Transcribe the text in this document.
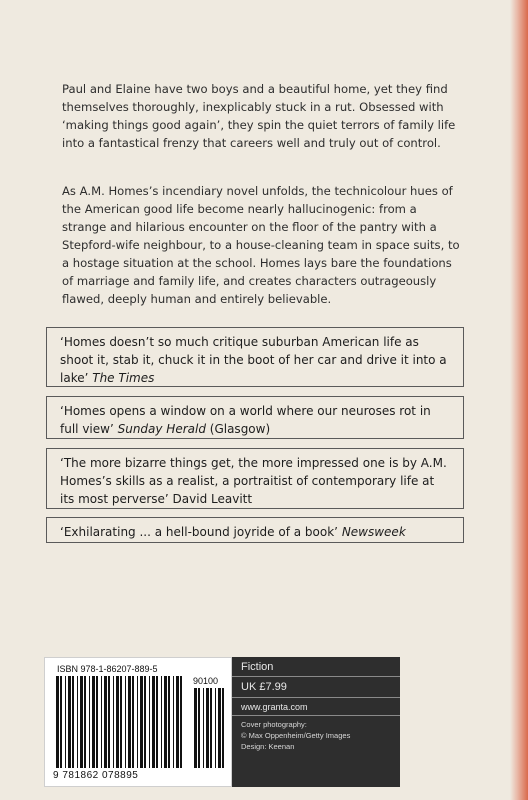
Paul and Elaine have two boys and a beautiful home, yet they find themselves thoroughly, inexplicably stuck in a rut. Obsessed with ‘making things good again’, they spin the quiet terrors of family life into a fantastical frenzy that careers well and truly out of control.

As A.M. Homes’s incendiary novel unfolds, the technicolour hues of the American good life become nearly hallucinogenic: from a strange and hilarious encounter on the floor of the pantry with a Stepford-wife neighbour, to a house-cleaning team in space suits, to a hostage situation at the school. Homes lays bare the foundations of marriage and family life, and creates characters outrageously flawed, deeply human and entirely believable.

‘Homes doesn’t so much critique suburban American life as shoot it, stab it, chuck it in the boot of her car and drive it into a lake’ The Times
‘Homes opens a window on a world where our neuroses rot in full view’ Sunday Herald (Glasgow)
‘The more bizarre things get, the more impressed one is by A.M. Homes’s skills as a realist, a portraitist of contemporary life at its most perverse’ David Leavitt
‘Exhilarating ... a hell-bound joyride of a book’ Newsweek
ISBN 978-1-86207-889-5
90100
9 781862 078895
Fiction
UK £7.99
www.granta.com
Cover photography:
© Max Oppenheim/Getty Images
Design: Keenan
